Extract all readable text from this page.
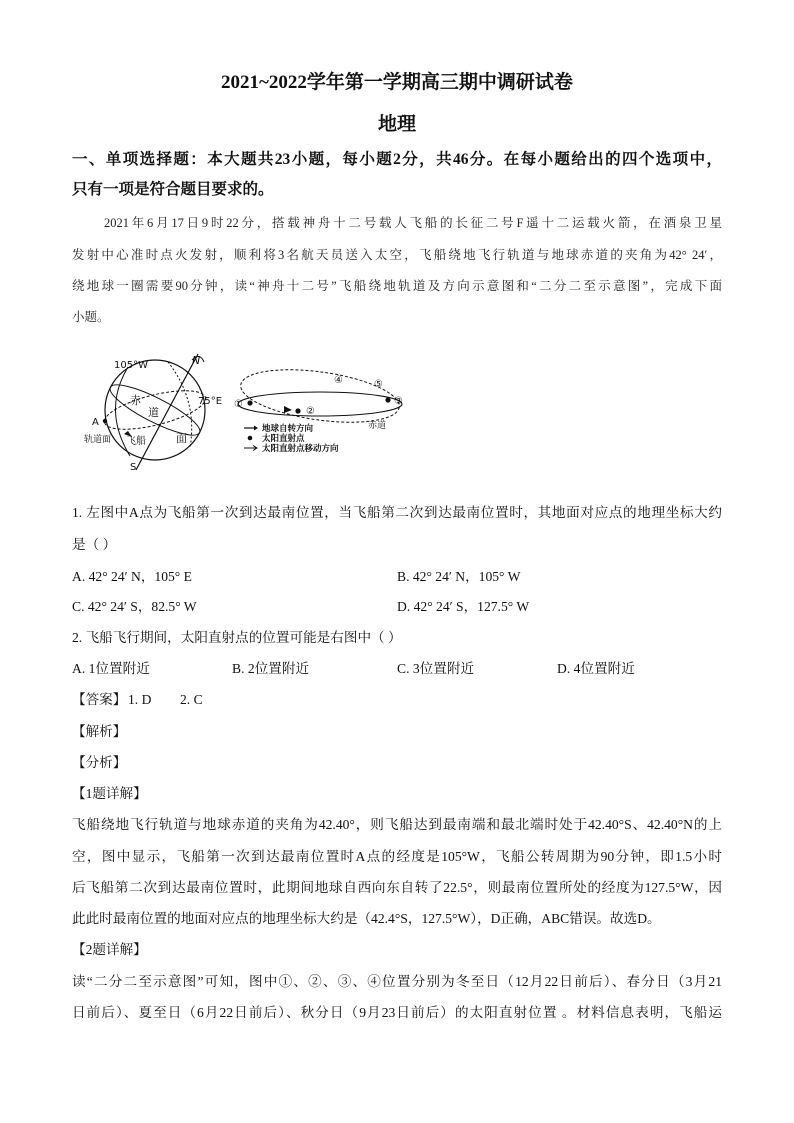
2021~2022学年第一学期高三期中调研试卷
地理
一、单项选择题：本大题共23小题，每小题2分，共46分。在每小题给出的四个选项中，
只有一项是符合题目要求的。
2021年6月17日9时22分，搭载神舟十二号载人飞船的长征二号F遥十二运载火箭，在酒泉卫星
发射中心准时点火发射，顺利将3名航天员送入太空，飞船绕地飞行轨道与地球赤道的夹角为42° 24′，
绕地球一圈需要90分钟，读“神舟十二号”飞船绕地轨道及方向示意图和“二分二至示意图”，完成下面
小题。
105°W	N
75°E
A
赤
道
面
飞船
轨道面
S
①
②
③
④	⑤
赤道
地球自转方向
太阳直射点
太阳直射点移动方向
1. 左图中A点为飞船第一次到达最南位置，当飞船第二次到达最南位置时，其地面对应点的地理坐标大约
是（ ）
A. 42° 24′ N，105° E	B. 42° 24′ N，105° W
C. 42° 24′ S，82.5° W	D. 42° 24′ S，127.5° W
2. 飞船飞行期间，太阳直射点的位置可能是右图中（ ）
A. 1位置附近	B. 2位置附近	C. 3位置附近	D. 4位置附近
【答案】 1. D 2. C
【解析】
【分析】
【1题详解】
飞船绕地飞行轨道与地球赤道的夹角为42.40°，则飞船达到最南端和最北端时处于42.40°S、42.40°N的上
空，图中显示，飞船第一次到达最南位置时A点的经度是105°W，飞船公转周期为90分钟，即1.5小时
后飞船第二次到达最南位置时，此期间地球自西向东自转了22.5°，则最南位置所处的经度为127.5°W，因
此此时最南位置的地面对应点的地理坐标大约是（42.4°S，127.5°W），D正确，ABC错误。故选D。
【2题详解】
读“二分二至示意图”可知，图中①、②、③、④位置分别为冬至日（12月22日前后）、春分日（3月21
日前后）、夏至日（6月22日前后）、秋分日（9月23日前后）的太阳直射位置 。材料信息表明，飞船运
